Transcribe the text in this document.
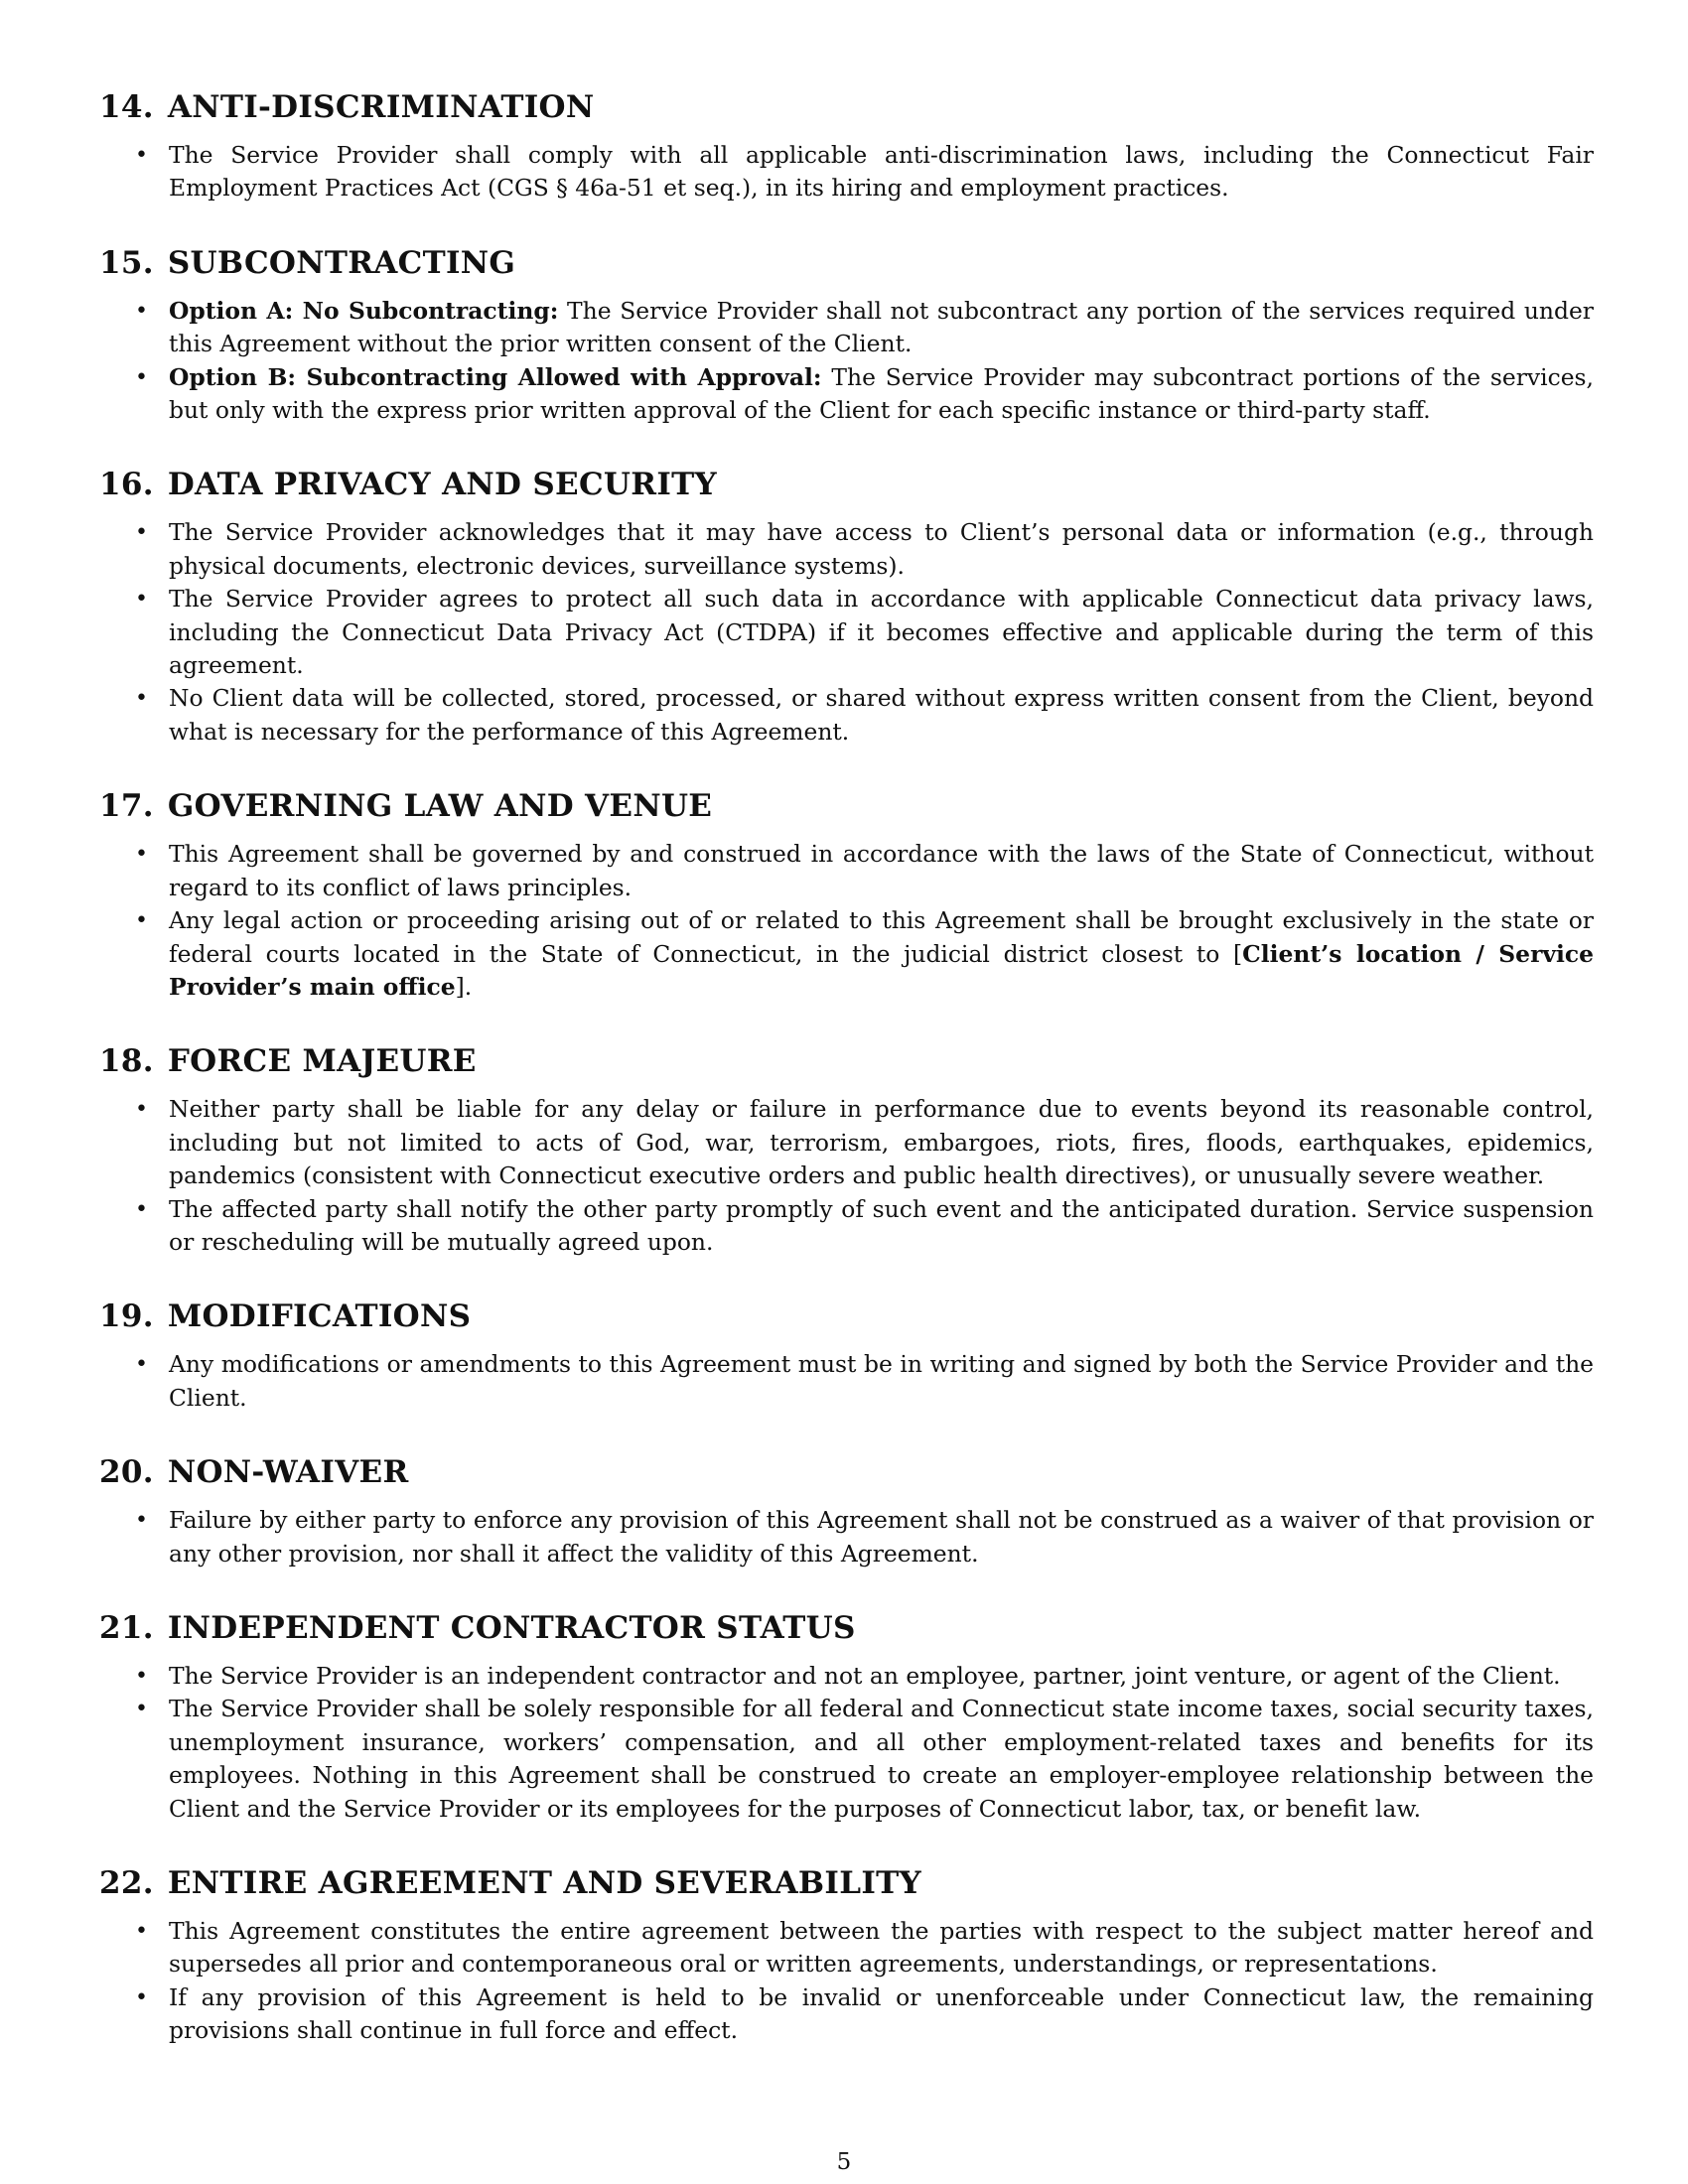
14. ANTI-DISCRIMINATION
• The Service Provider shall comply with all applicable anti-discrimination laws, including the Connecticut Fair Employment Practices Act (CGS § 46a-51 et seq.), in its hiring and employment practices.
15. SUBCONTRACTING
• Option A: No Subcontracting: The Service Provider shall not subcontract any portion of the services required under this Agreement without the prior written consent of the Client.
• Option B: Subcontracting Allowed with Approval: The Service Provider may subcontract portions of the services, but only with the express prior written approval of the Client for each specific instance or third-party staff.
16. DATA PRIVACY AND SECURITY
• The Service Provider acknowledges that it may have access to Client’s personal data or information (e.g., through physical documents, electronic devices, surveillance systems).
• The Service Provider agrees to protect all such data in accordance with applicable Connecticut data privacy laws, including the Connecticut Data Privacy Act (CTDPA) if it becomes effective and applicable during the term of this agreement.
• No Client data will be collected, stored, processed, or shared without express written consent from the Client, beyond what is necessary for the performance of this Agreement.
17. GOVERNING LAW AND VENUE
• This Agreement shall be governed by and construed in accordance with the laws of the State of Connecticut, without regard to its conflict of laws principles.
• Any legal action or proceeding arising out of or related to this Agreement shall be brought exclusively in the state or federal courts located in the State of Connecticut, in the judicial district closest to [Client’s location / Service Provider’s main office].
18. FORCE MAJEURE
• Neither party shall be liable for any delay or failure in performance due to events beyond its reasonable control, including but not limited to acts of God, war, terrorism, embargoes, riots, fires, floods, earthquakes, epidemics, pandemics (consistent with Connecticut executive orders and public health directives), or unusually severe weather.
• The affected party shall notify the other party promptly of such event and the anticipated duration. Service suspension or rescheduling will be mutually agreed upon.
19. MODIFICATIONS
• Any modifications or amendments to this Agreement must be in writing and signed by both the Service Provider and the Client.
20. NON-WAIVER
• Failure by either party to enforce any provision of this Agreement shall not be construed as a waiver of that provision or any other provision, nor shall it affect the validity of this Agreement.
21. INDEPENDENT CONTRACTOR STATUS
• The Service Provider is an independent contractor and not an employee, partner, joint venture, or agent of the Client.
• The Service Provider shall be solely responsible for all federal and Connecticut state income taxes, social security taxes, unemployment insurance, workers’ compensation, and all other employment-related taxes and benefits for its employees. Nothing in this Agreement shall be construed to create an employer-employee relationship between the Client and the Service Provider or its employees for the purposes of Connecticut labor, tax, or benefit law.
22. ENTIRE AGREEMENT AND SEVERABILITY
• This Agreement constitutes the entire agreement between the parties with respect to the subject matter hereof and supersedes all prior and contemporaneous oral or written agreements, understandings, or representations.
• If any provision of this Agreement is held to be invalid or unenforceable under Connecticut law, the remaining provisions shall continue in full force and effect.
5
